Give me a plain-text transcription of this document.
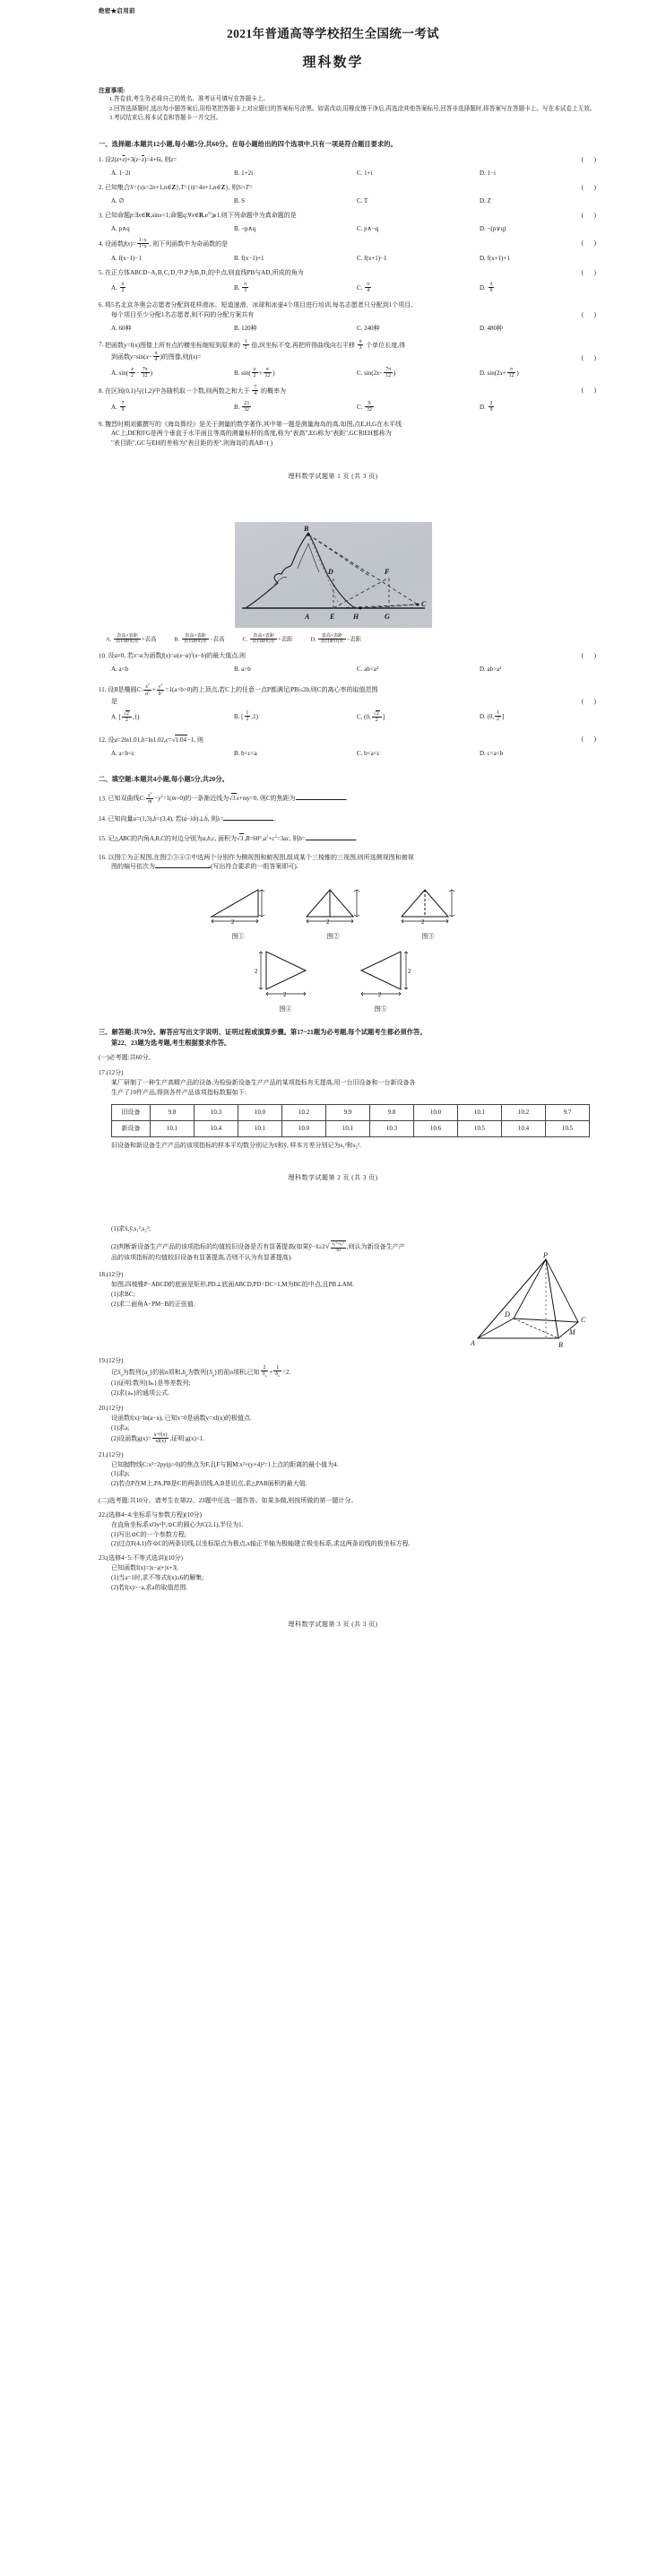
绝密★启用前
2021年普通高等学校招生全国统一考试
理科数学
注意事项:
1.答卷前,考生务必将自己的姓名、准考证号填写在答题卡上。
2.回答选择题时,选出每小题答案后,用铅笔把答题卡上对应题目的答案标号涂黑。如需改动,用橡皮擦干净后,再选涂其他答案标号,回答非选择题时,将答案写在答题卡上。写在本试卷上无效。
3.考试结束后,将本试卷和答题卡一并交回。
一、选择题:本题共12小题,每小题5分,共60分。在每小题给出的四个选项中,只有一项是符合题目要求的。
1. 设$2(z+\overline{z})+3(z-\overline{z})=4+6i$, 则z=	( )
A. 1−2i	B. 1+2i	C. 1+i	D. 1−i
2. 已知集合S={s|s=2n+1,n∈Z},T={t|t=4n+1,n∈Z}, 则S∩T=	( )
A. ∅	B. S	C. T	D. Z
3. 已知命题p:∃x∈R,sinx<1;命题$q:\forall x\in R,e^{|x|}⩾1$.则下列命题中为真命题的是	( )
A. p∧q	B. ¬p∧q	C. p∧¬q	D. ¬(p∨q)
4. 设函数$f(x)= \frac{1-x}{1+x}$ , 则下列函数中为奇函数的是	( )
A. f(x−1)−1	B. f(x−1)+1	C. f(x+1)−1	D. f(x+1)+1
5. 在正方体ABCD−A₁B₁C₁D₁中,P为B₁D₁的中点,则直线PB与AD₁所成的角为	( )
A. $\frac{\pi}{2}$	B. $\frac{\pi}{3}$	C. $\frac{\pi}{4}$	D. $\frac{\pi}{6}$
6. 将5名北京冬奥会志愿者分配到花样滑冰、短道速滑、冰球和冰壶4个项目进行培训,每名志愿者只分配到1个项目,
每个项目至少分配1名志愿者,则不同的分配方案共有	( )
A. 60种	B. 120种	C. 240种	D. 480种
7. 把函数y=f(x)图像上所有点的横坐标缩短到原来的 $\frac{1}{2}$ 倍,纵坐标不变,再把所得曲线向右平移 $\frac{\pi}{3}$ 个单位长度,得
到函数$y=\sin(x- \frac{\pi}{4}$ )的图像,则f(x)=	( )
A. $\sin( \frac{x}{2} - \frac{7\pi}{12}$ )	B. $\sin( \frac{x}{2} + \frac{\pi}{12}$ )	C. $\sin(2x- \frac{7\pi}{12}$ )	D. $\sin(2x+ \frac{\pi}{12}$ )
8. 在区间(0,1)与(1,2)中各随机取一个数,则两数之和大于 $\frac{7}{4}$ 的概率为	( )
A. $\frac{7}{9}$	B. $\frac{23}{32}$	C. $\frac{9}{32}$	D. $\frac{2}{9}$
9. 魏晋时期刘徽撰写的《海岛算经》是关于测量的数学著作,其中第一题是测量海岛的高,如图,点E,H,G在水平线
AC上,DE和FG是两个垂直于水平面且等高的测量标杆的高度,称为"表高",EG称为"表距",GC和EH都称为
"表目距",GC与EH的差称为"表目距的差",则海岛的高AB=( )
理科数学试题第 1 页 (共 3 页)
B
D	F
C
A	E	H	G
A. $\frac{\text{表高×表距}}{\text{表目距的差}}$ +表高	B. $\frac{\text{表高×表距}}{\text{表目距的差}}$ −表高	C. $\frac{\text{表高×表距}}{\text{表目距的差}}$ +表距	D. $\frac{\text{表高×表距}}{\text{表目距的差}}$ −表距
10. 设a≠0, 若x=a为函数$f(x)=a(x-a)^2(x-b)$的最大值点,则	( )
A. a<b	B. a>b	C. ab<a²	D. ab>a²
11. 设B是椭圆C: $\frac{x^2}{a^2} + \frac{y^2}{b^2} =1(a>b>0)$的上顶点,若C上的任意一点P都满足|PB|≤2b,则C的离心率的取值范围
是	( )
A. [ $\frac{√2}{2} ,1$)	B. [ $\frac{1}{2} ,1$)	C. (0, $\frac{√2}{2}$ ]	D. (0, $\frac{1}{2}$ ]
12. 设a=2ln1.01,b=ln1.02,c=√1.04−1, 则	( )
A. a<b<c	B. b<c<a	C. b<a<c	D. c<a<b
二、填空题:本题共4小题,每小题5分,共20分。
13. 已知双曲线C: $\frac{x^2}{m} -y^2=1(m>0)$的一条渐近线为√3x+my=0, 则C的焦距为	.
14. 已知向量a →=(1,3),b →=(3,4), 若(a →−λb →)⊥b →, 则λ=	.
15. 记△ABC的内角A,B,C的对边分别为a,b,c, 面积为$√3,B=60^\circ,a^2+c^2=3ac$, 则b=	.
16. 以图①为正视图,在图②③④⑤中选两个分别作为侧视图和俯视图,组成某个三棱锥的三视图,则所选侧视图和俯视
图的编号依次为	(写出符合要求的一组答案即可).
2
图①
2
图②
2
图③
2
2
图④
2
2
图⑤
三、解答题:共70分。解答应写出文字说明、证明过程或演算步骤。第17~21题为必考题,每个试题考生都必须作答。
第22、23题为选考题,考生根据要求作答。
(一)必考题:共60分。
17.(12分)
某厂研制了一种生产高精产品的设备,为检验新设备生产产品的某项指标有无提高,用一台旧设备和一台新设备各
生产了10件产品,得到各件产品该项指标数据如下:
旧设备	9.8	10.3	10.0	10.2	9.9	9.8	10.0	10.1	10.2	9.7
新设备	10.1	10.4	10.1	10.0	10.1	10.3	10.6	10.5	10.4	10.5
旧设备和新设备生产产品的该项指标的样本平均数分别记为x̄和ȳ, 样本方差分别记为s₁²和s₂².
理科数学试题第 2 页 (共 3 页)
(1)求x̄,ȳ,s₁²,s₂²;
(2)判断新设备生产产品的该项指标的均值较旧设备是否有显著提高(如果ȳ−x̄≥2√ $\frac{\text{s₁²+s₂²}}{10}$ ,则认为新设备生产产
品的该项指标的均值较旧设备有显著提高,否则不认为有显著提高).
18.(12分)
如图,四棱锥P−ABCD的底面是矩形,PD⊥底面ABCD,PD=DC=1,M为BC的中点,且PB⊥AM.
(1)求BC;
(2)求二面角A−PM−B的正弦值.
P
D
C
A	B
M
19.(12分)
记$S_n$为数列$\{a_n\}$的前n项和$,b_n$为数列$\{S_n\}$的前n项积,已知 $\frac{2}{S_n} + \frac{1}{b_n} =2$.
(1)证明:数列{bₙ}是等差数列;
(2)求{aₙ}的通项公式.
20.(12分)
设函数f(x)=ln(a−x), 已知x=0是函数y=xf(x)的极值点.
(1)求a;
(2)设函数$g(x)= \frac{x+f(x)}{xf(x)}$ ,证明:g(x)<1.
21.(12分)
已知抛物线C:x²=2py(p>0)的焦点为F,且F与圆M:x²+(y+4)²=1上点的距离的最小值为4.
(1)求p;
(2)若点P在M上,PA,PB是C的两条切线,A,B是切点,求△PAB面积的最大值.
(二)选考题:共10分。请考生在第22、23题中任选一题作答。如果多做,则按所做的第一题计分。
22.(选修4−4:坐标系与参数方程)(10分)
在直角坐标系xOy中,⊙C的圆心为C(2,1),半径为1.
(1)写出⊙C的一个参数方程;
(2)过点F(4,1)作⊙C的两条切线,以坐标原点为极点,x轴正半轴为极轴建立极坐标系,求这两条切线的极坐标方程.
23.(选修4−5:不等式选讲)(10分)
已知函数f(x)=|x−a|+|x+3|.
(1)当a=1时,求不等式f(x)≥6的解集;
(2)若f(x)>−a,求a的取值范围.
理科数学试题第 3 页 (共 3 页)
